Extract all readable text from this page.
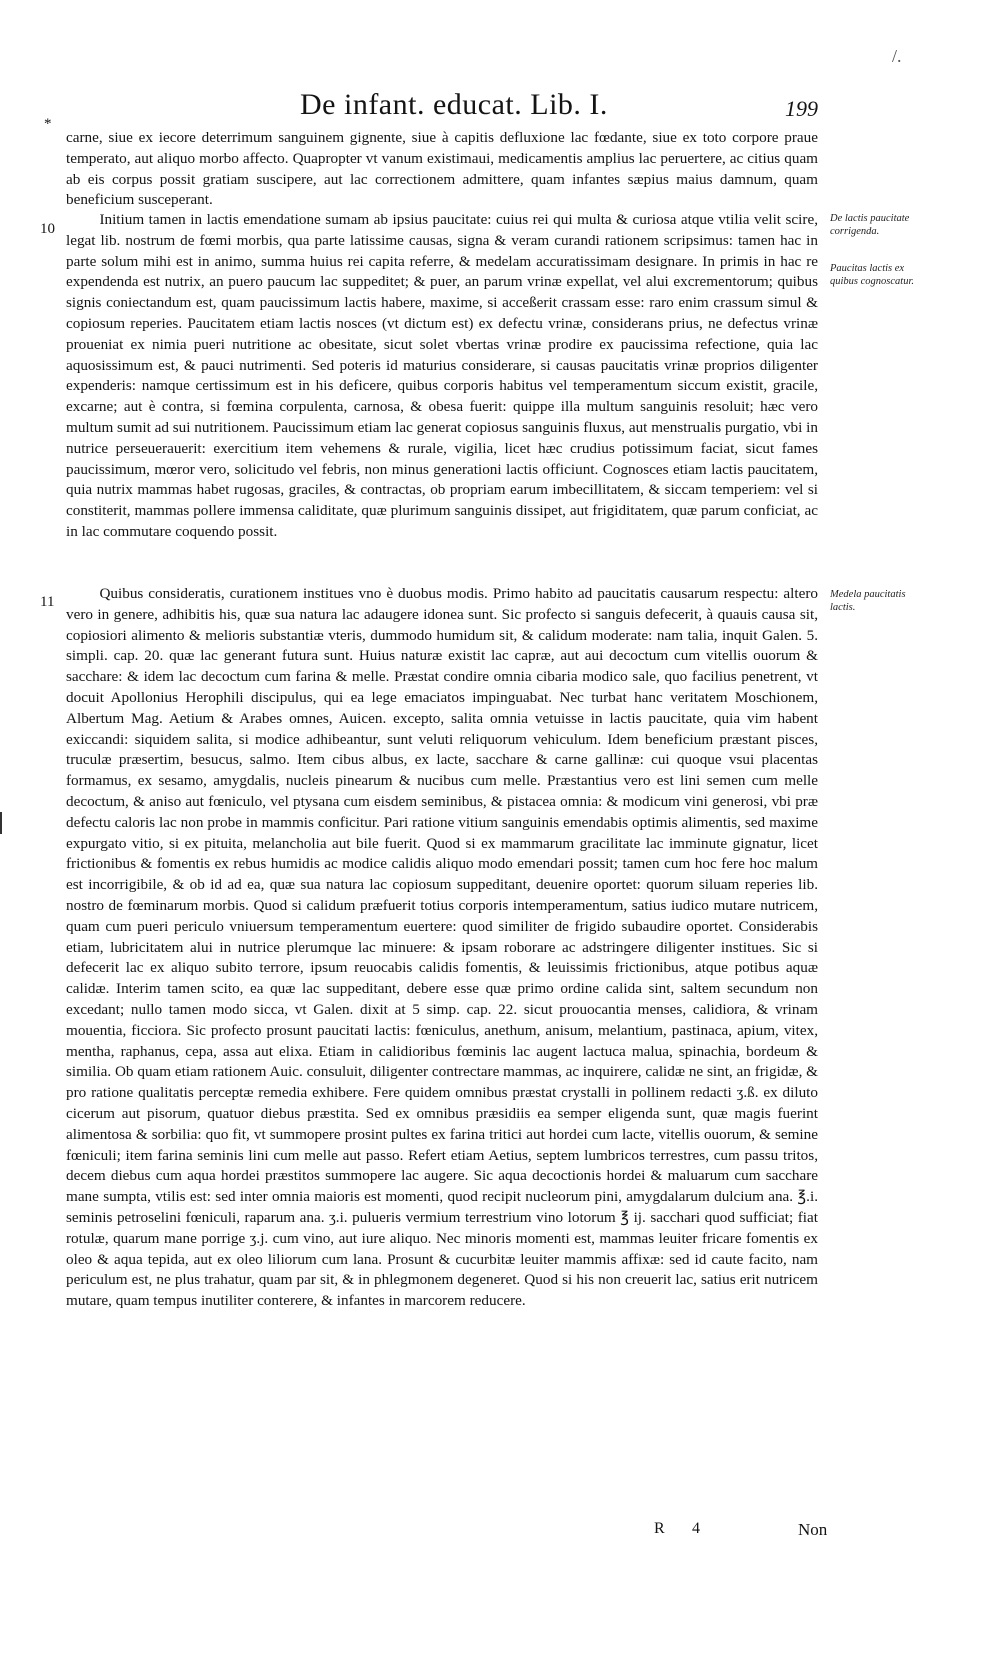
/.
De infant. educat. Lib. I.	199
*
10
11
carne, siue ex iecore deterrimum sanguinem gignente, siue à capitis defluxione lac fœdante, siue ex toto corpore praue temperato, aut aliquo morbo affecto. Quapropter vt vanum existimaui, medicamentis amplius lac peruertere, ac citius quam ab eis corpus possit gratiam suscipere, aut lac correctionem admittere, quam infantes sæpius maius damnum, quam beneficium susceperant.
Initium tamen in lactis emendatione sumam ab ipsius paucitate: cuius rei qui multa & curiosa atque vtilia velit scire, legat lib. nostrum de fœmi morbis, qua parte latissime causas, signa & veram curandi rationem scripsimus: tamen hac in parte solum mihi est in animo, summa huius rei capita referre, & medelam accuratissimam designare. In primis in hac re expendenda est nutrix, an puero paucum lac suppeditet; & puer, an parum vrinæ expellat, vel alui excrementorum; quibus signis coniectandum est, quam paucissimum lactis habere, maxime, si acceßerit crassam esse: raro enim crassum simul & copiosum reperies. Paucitatem etiam lactis nosces (vt dictum est) ex defectu vrinæ, considerans prius, ne defectus vrinæ proueniat ex nimia pueri nutritione ac obesitate, sicut solet vbertas vrinæ prodire ex paucissima refectione, quia lac aquosissimum est, & pauci nutrimenti. Sed poteris id maturius considerare, si causas paucitatis vrinæ proprios diligenter expenderis: namque certissimum est in his deficere, quibus corporis habitus vel temperamentum siccum existit, gracile, excarne; aut è contra, si fœmina corpulenta, carnosa, & obesa fuerit: quippe illa multum sanguinis resoluit; hæc vero multum sumit ad sui nutritionem. Paucissimum etiam lac generat copiosus sanguinis fluxus, aut menstrualis purgatio, vbi in nutrice perseuerauerit: exercitium item vehemens & rurale, vigilia, licet hæc crudius potissimum faciat, sicut fames paucissimum, mœror vero, solicitudo vel febris, non minus generationi lactis officiunt. Cognosces etiam lactis paucitatem, quia nutrix mammas habet rugosas, graciles, & contractas, ob propriam earum imbecillitatem, & siccam temperiem: vel si constiterit, mammas pollere immensa caliditate, quæ plurimum sanguinis dissipet, aut frigiditatem, quæ parum conficiat, ac in lac commutare coquendo possit.
Quibus consideratis, curationem institues vno è duobus modis. Primo habito ad paucitatis causarum respectu: altero vero in genere, adhibitis his, quæ sua natura lac adaugere idonea sunt. Sic profecto si sanguis defecerit, à quauis causa sit, copiosiori alimento & melioris substantiæ vteris, dummodo humidum sit, & calidum moderate: nam talia, inquit Galen. 5. simpli. cap. 20. quæ lac generant futura sunt. Huius naturæ existit lac capræ, aut aui decoctum cum vitellis ouorum & sacchare: & idem lac decoctum cum farina & melle. Præstat condire omnia cibaria modico sale, quo facilius penetrent, vt docuit Apollonius Herophili discipulus, qui ea lege emaciatos impinguabat. Nec turbat hanc veritatem Moschionem, Albertum Mag. Aetium & Arabes omnes, Auicen. excepto, salita omnia vetuisse in lactis paucitate, quia vim habent exiccandi: siquidem salita, si modice adhibeantur, sunt veluti reliquorum vehiculum. Idem beneficium præstant pisces, truculæ præsertim, besucus, salmo. Item cibus albus, ex lacte, sacchare & carne gallinæ: cui quoque vsui placentas formamus, ex sesamo, amygdalis, nucleis pinearum & nucibus cum melle. Præstantius vero est lini semen cum melle decoctum, & aniso aut fœniculo, vel ptysana cum eisdem seminibus, & pistacea omnia: & modicum vini generosi, vbi præ defectu caloris lac non probe in mammis conficitur. Pari ratione vitium sanguinis emendabis optimis alimentis, sed maxime expurgato vitio, si ex pituita, melancholia aut bile fuerit. Quod si ex mammarum gracilitate lac imminute gignatur, licet frictionibus & fomentis ex rebus humidis ac modice calidis aliquo modo emendari possit; tamen cum hoc fere hoc malum est incorrigibile, & ob id ad ea, quæ sua natura lac copiosum suppeditant, deuenire oportet: quorum siluam reperies lib. nostro de fœminarum morbis. Quod si calidum præfuerit totius corporis intemperamentum, satius iudico mutare nutricem, quam cum pueri periculo vniuersum temperamentum euertere: quod similiter de frigido subaudire oportet. Considerabis etiam, lubricitatem alui in nutrice plerumque lac minuere: & ipsam roborare ac adstringere diligenter institues. Sic si defecerit lac ex aliquo subito terrore, ipsum reuocabis calidis fomentis, & leuissimis frictionibus, atque potibus aquæ calidæ. Interim tamen scito, ea quæ lac suppeditant, debere esse quæ primo ordine calida sint, saltem secundum non excedant; nullo tamen modo sicca, vt Galen. dixit at 5 simp. cap. 22. sicut prouocantia menses, calidiora, & vrinam mouentia, ficciora. Sic profecto prosunt paucitati lactis: fœniculus, anethum, anisum, melantium, pastinaca, apium, vitex, mentha, raphanus, cepa, assa aut elixa. Etiam in calidioribus fœminis lac augent lactuca malua, spinachia, bordeum & similia. Ob quam etiam rationem Auic. consuluit, diligenter contrectare mammas, ac inquirere, calidæ ne sint, an frigidæ, & pro ratione qualitatis perceptæ remedia exhibere. Fere quidem omnibus præstat crystalli in pollinem redacti ʒ.ß. ex diluto cicerum aut pisorum, quatuor diebus præstita. Sed ex omnibus præsidiis ea semper eligenda sunt, quæ magis fuerint alimentosa & sorbilia: quo fit, vt summopere prosint pultes ex farina tritici aut hordei cum lacte, vitellis ouorum, & semine fœniculi; item farina seminis lini cum melle aut passo. Refert etiam Aetius, septem lumbricos terrestres, cum passu tritos, decem diebus cum aqua hordei præstitos summopere lac augere. Sic aqua decoctionis hordei & maluarum cum sacchare mane sumpta, vtilis est: sed inter omnia maioris est momenti, quod recipit nucleorum pini, amygdalarum dulcium ana. ℥.i. seminis petroselini fœniculi, raparum ana. ʒ.i. pulueris vermium terrestrium vino lotorum ℥ ij. sacchari quod sufficiat; fiat rotulæ, quarum mane porrige ʒ.j. cum vino, aut iure aliquo. Nec minoris momenti est, mammas leuiter fricare fomentis ex oleo & aqua tepida, aut ex oleo liliorum cum lana. Prosunt & cucurbitæ leuiter mammis affixæ: sed id caute facito, nam periculum est, ne plus trahatur, quam par sit, & in phlegmonem degeneret. Quod si his non creuerit lac, satius erit nutricem mutare, quam tempus inutiliter conterere, & infantes in marcorem reducere.
De lactis paucitate corrigenda.
Paucitas lactis ex quibus cognoscatur.
Medela paucitatis lactis.
R 4	Non
